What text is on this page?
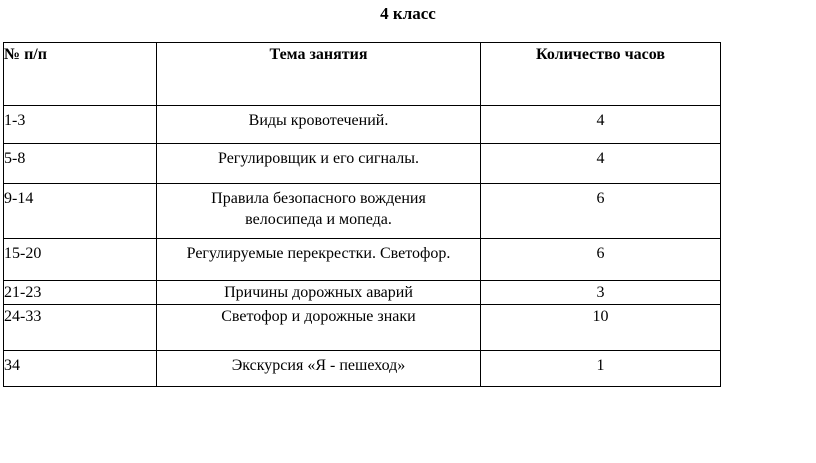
4 класс
№ п/п	Тема занятия	Количество часов
1-3	Виды кровотечений.	4
5-8	Регулировщик и его сигналы.	4
9-14	Правила безопасного вождения велосипеда и мопеда.	6
15-20	Регулируемые перекрестки. Светофор.	6
21-23	Причины дорожных аварий	3
24-33	Светофор и дорожные знаки	10
34	Экскурсия «Я - пешеход»	1
